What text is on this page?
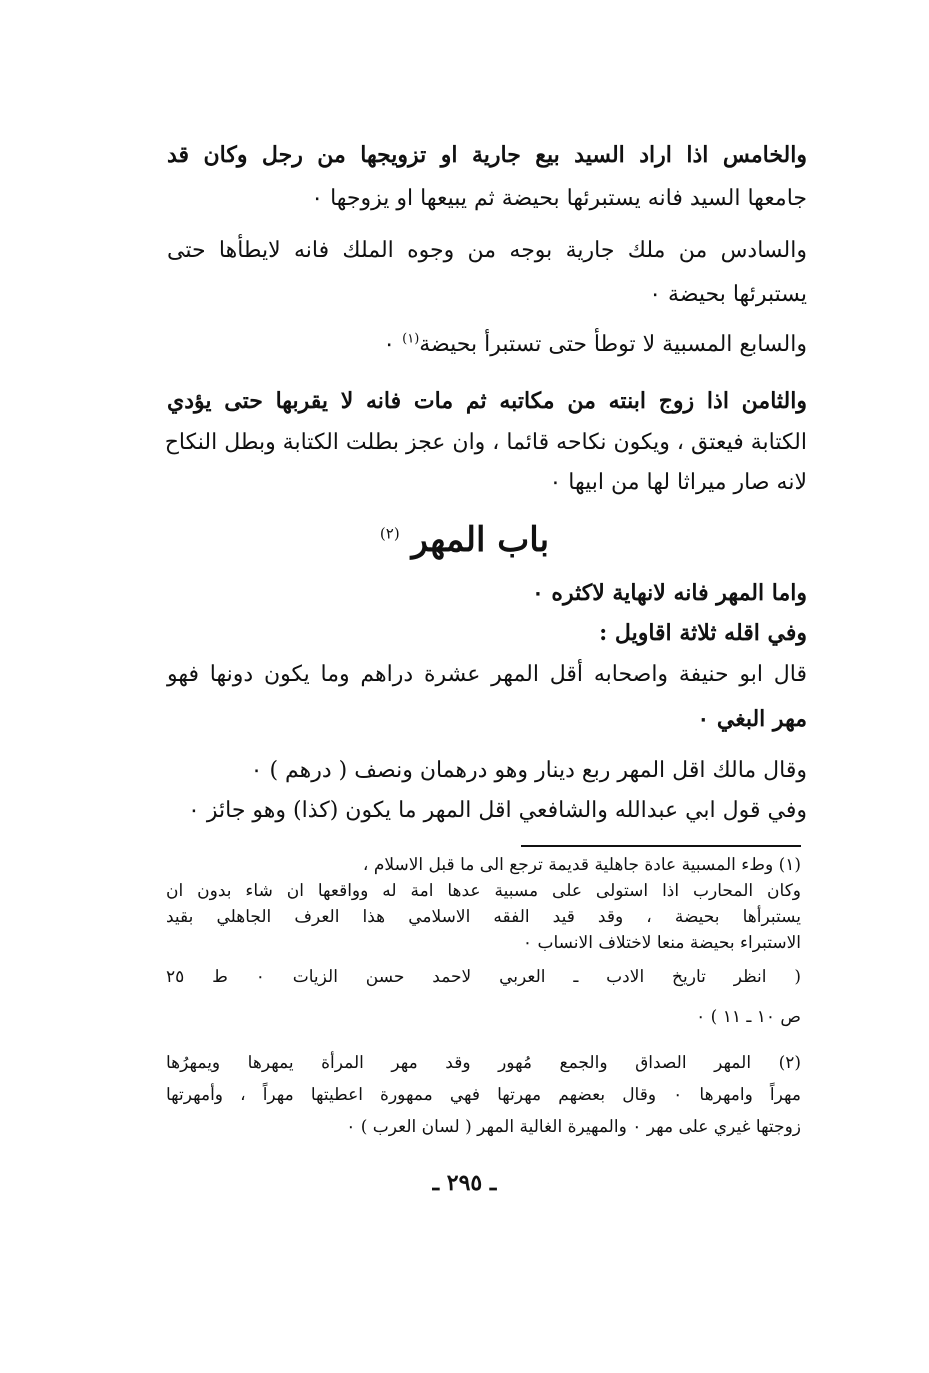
والخامس اذا اراد السيد بيع جارية او تزويجها من رجل وكان قد
جامعها السيد فانه يستبرئها بحيضة ثم يبيعها او يزوجها ٠
والسادس من ملك جارية بوجه من وجوه الملك فانه لايطأها حتى
يستبرئها بحيضة ٠
والسابع المسبية لا توطأ حتى تستبرأ بحيضة$^{(١)}$ ٠
والثامن اذا زوج ابنته من مكاتبه ثم مات فانه لا يقربها حتى يؤدي
الكتابة فيعتق ، ويكون نكاحه قائما ، وان عجز بطلت الكتابة وبطل النكاح
لانه صار ميراثا لها من ابيها ٠
باب المهر $^{(٢)}$
واما المهر فانه لانهاية لاكثره ٠
وفي اقله ثلاثة اقاويل :
قال ابو حنيفة واصحابه أقل المهر عشرة دراهم وما يكون دونها فهو
مهر البغي ٠
وقال مالك اقل المهر ربع دينار وهو درهمان ونصف ( درهم ) ٠
وفي قول ابي عبدالله والشافعي اقل المهر ما يكون (كذا) وهو جائز ٠
(١) وطء المسبية عادة جاهلية قديمة ترجع الى ما قبل الاسلام ،
وكان المحارب اذا استولى على مسبية عدها امة له وواقعها ان شاء بدون ان
يستبرأها بحيضة ، وقد قيد الفقه الاسلامي هذا العرف الجاهلي بقيد
الاستبراء بحيضة منعا لاختلاف الانساب ٠
( انظر تاريخ الادب ـ العربي لاحمد حسن الزيات ٠ ط ٢٥
ص ١٠ ـ ١١ ) ٠
(٢) المهر الصداق والجمع مُهور وقد مهر المرأة يمهرها ويمهرُها
مهراً وامهرها ٠ وقال بعضهم مهرتها فهي ممهورة اعطيتها مهراً ، وأمهرتها
زوجتها غيري على مهر ٠ والمهيرة الغالية المهر ( لسان العرب ) ٠
ـ ٢٩٥ ـ
